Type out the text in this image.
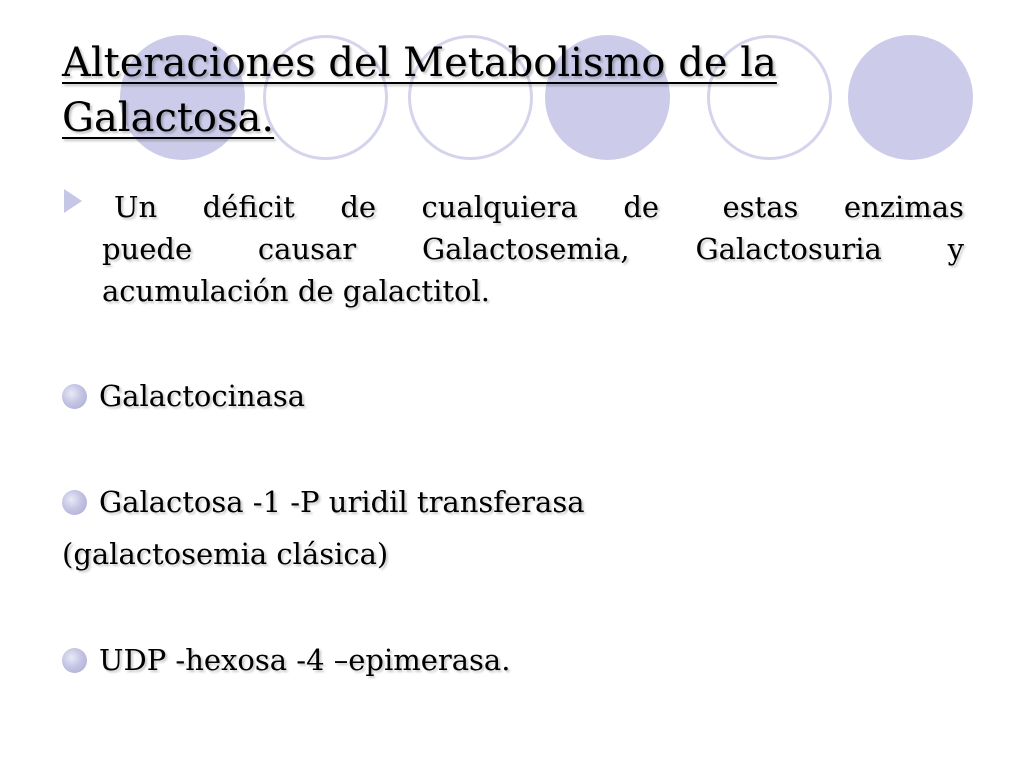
Alteraciones del Metabolismo de la
Galactosa.
Un déficit de cualquiera de estas enzimas
puede causar Galactosemia, Galactosuria y
acumulación de galactitol.
Galactocinasa
Galactosa -1 -P uridil transferasa
(galactosemia clásica)
UDP -hexosa -4 –epimerasa.
